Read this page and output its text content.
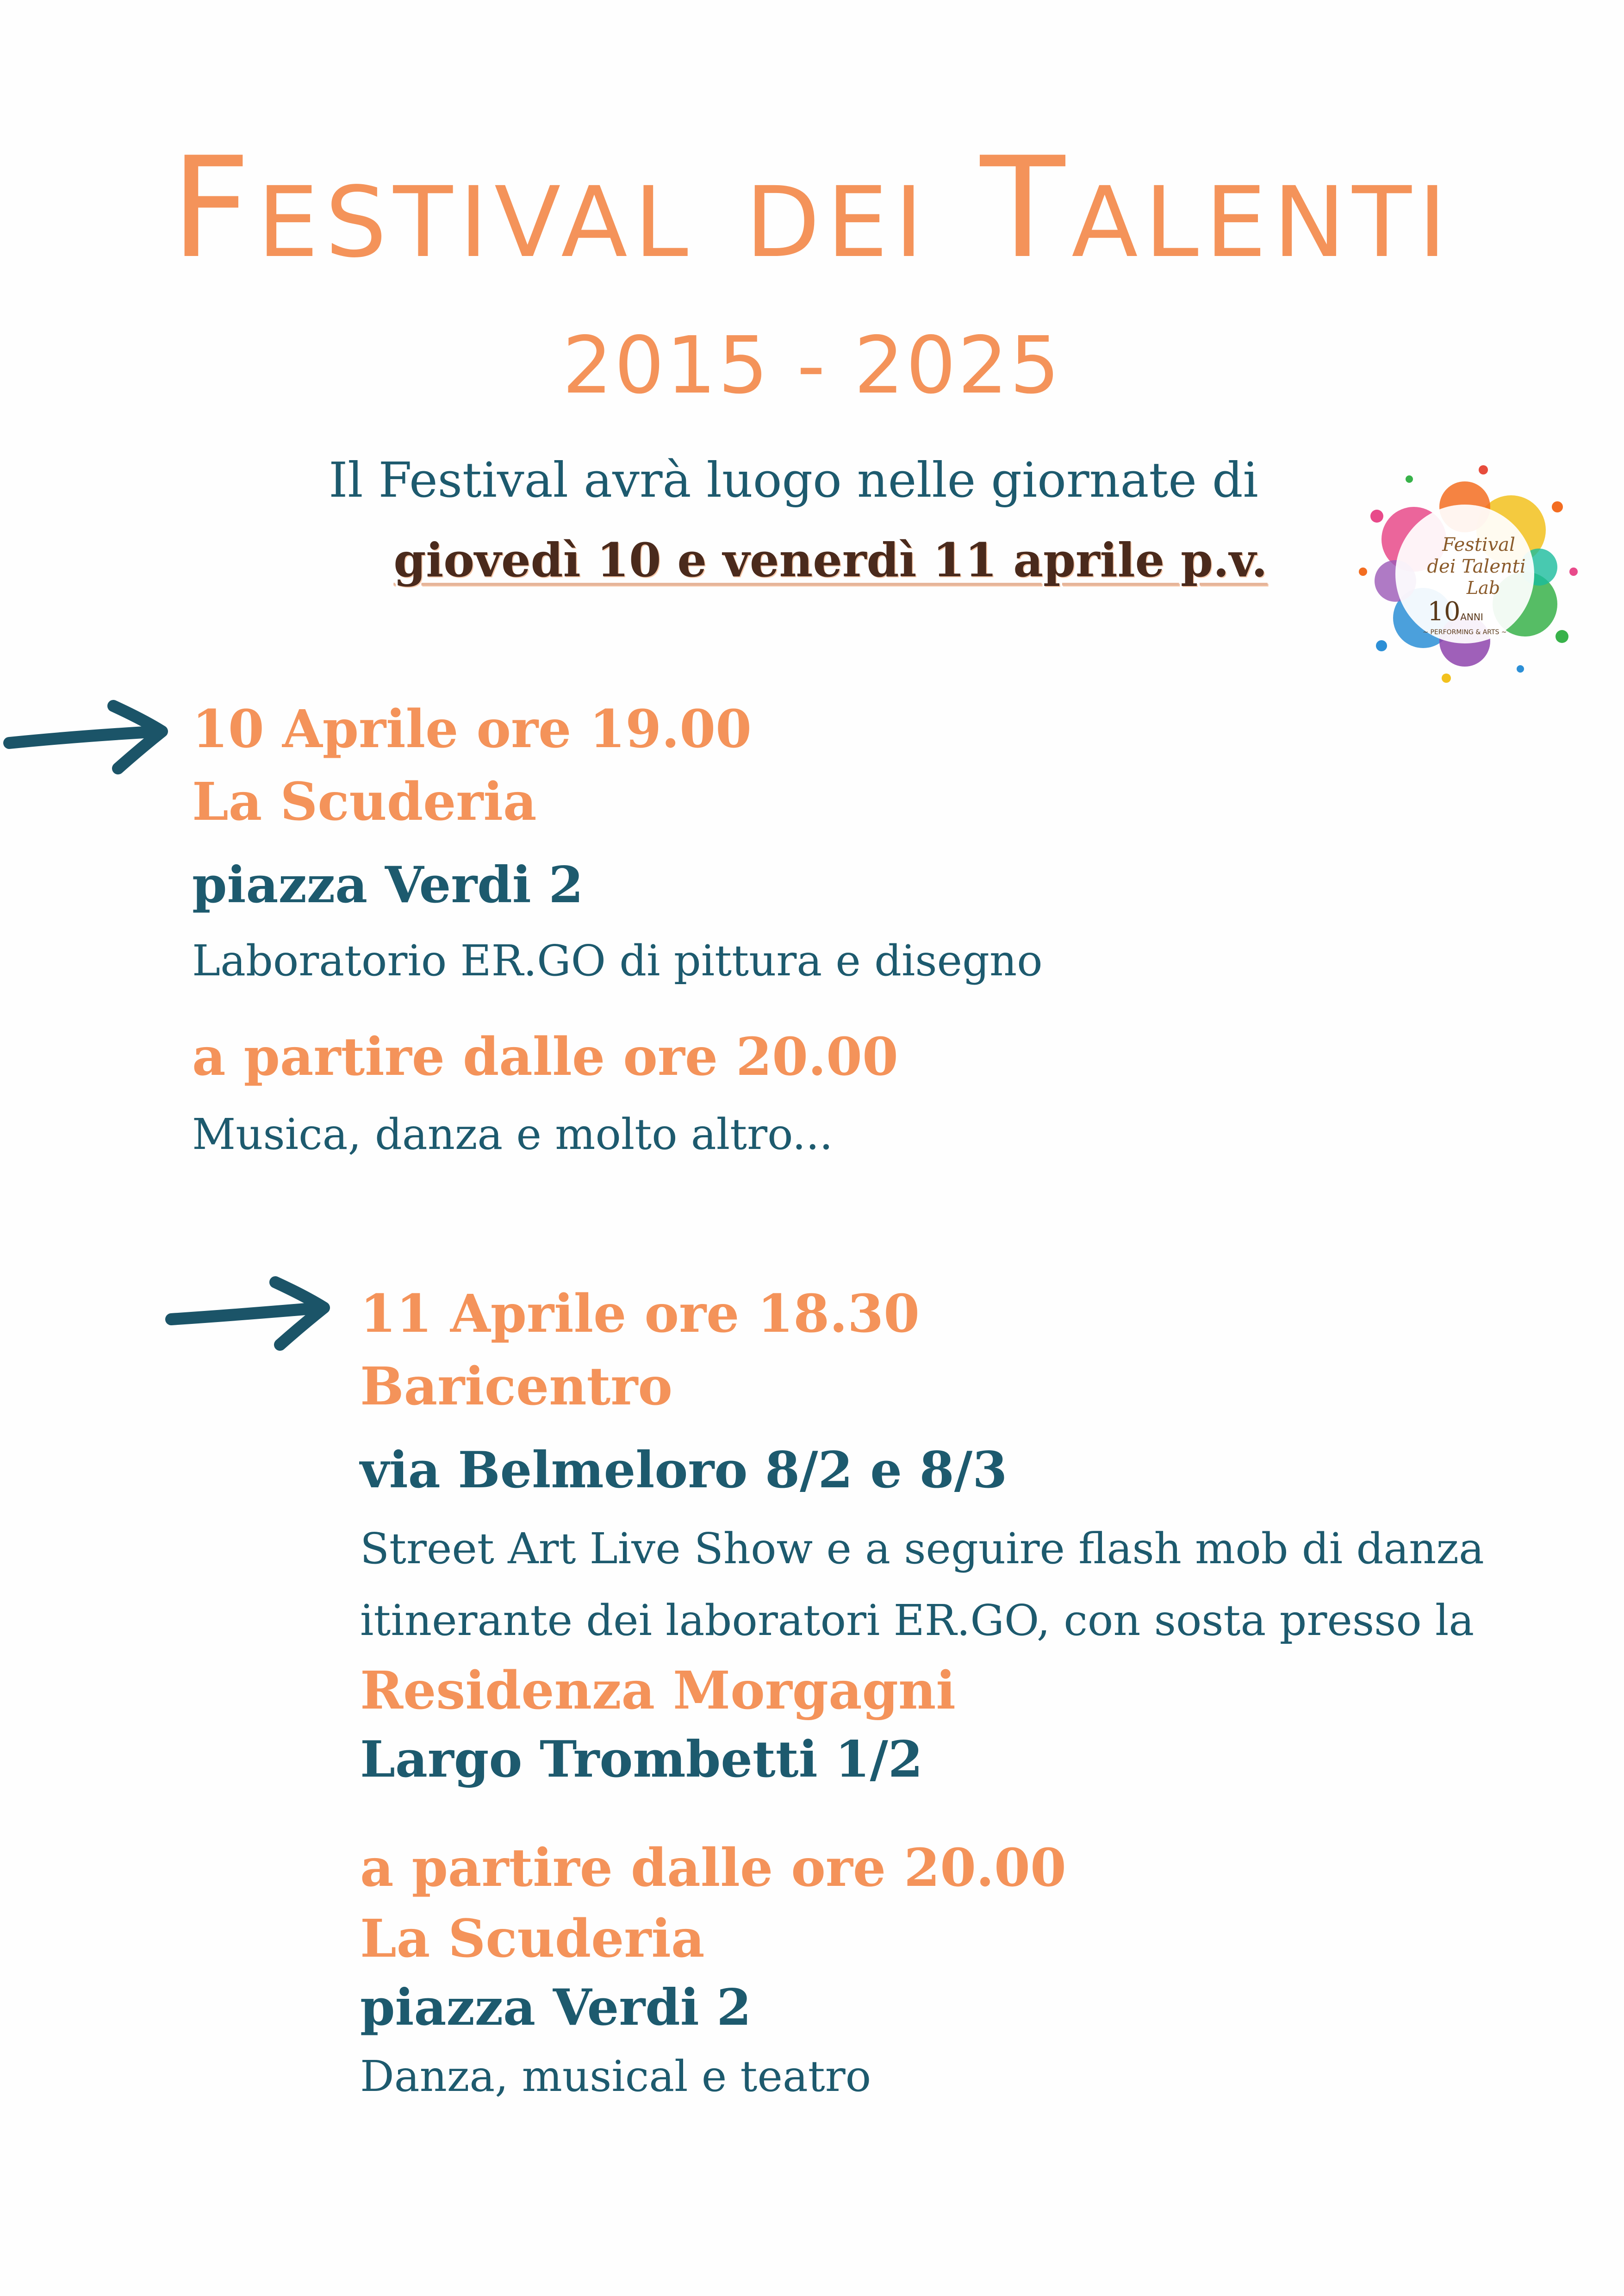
Festival dei Talenti
2015 - 2025
Il Festival avrà luogo nelle giornate di
giovedì 10 e venerdì 11 aprile p.v.	Festival
dei Talenti
Lab
10 ANNI
~ PERFORMING & ARTS ~
10 Aprile ore 19.00
La Scuderia
piazza Verdi 2
Laboratorio ER.GO di pittura e disegno
a partire dalle ore 20.00
Musica, danza e molto altro...
11 Aprile ore 18.30
Baricentro
via Belmeloro 8/2 e 8/3
Street Art Live Show e a seguire flash mob di danza
itinerante dei laboratori ER.GO, con sosta presso la
Residenza Morgagni
Largo Trombetti 1/2
a partire dalle ore 20.00
La Scuderia
piazza Verdi 2
Danza, musical e teatro
